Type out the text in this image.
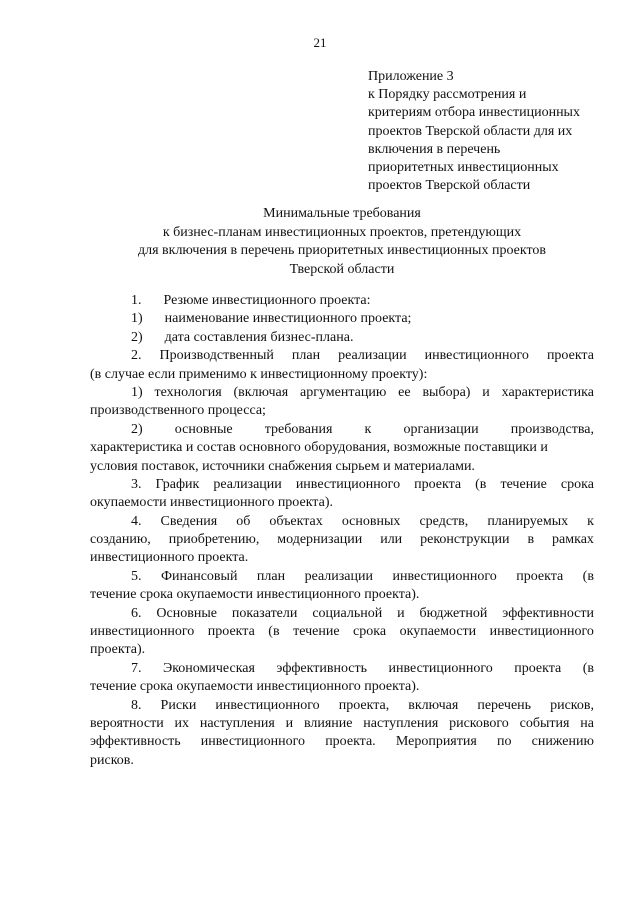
21
Приложение 3
к Порядку рассмотрения и
критериям отбора инвестиционных
проектов Тверской области для их
включения в перечень
приоритетных инвестиционных
проектов Тверской области
Минимальные требования
к бизнес-планам инвестиционных проектов, претендующих
для включения в перечень приоритетных инвестиционных проектов
Тверской области
1. Резюме инвестиционного проекта:
1) наименование инвестиционного проекта;
2) дата составления бизнес-плана.
2. Производственный план реализации инвестиционного проекта
(в случае если применимо к инвестиционному проекту):
1) технология (включая аргументацию ее выбора) и характеристика
производственного процесса;
2) основные требования к организации производства,
характеристика и состав основного оборудования, возможные поставщики и
условия поставок, источники снабжения сырьем и материалами.
3. График реализации инвестиционного проекта (в течение срока
окупаемости инвестиционного проекта).
4. Сведения об объектах основных средств, планируемых к
созданию, приобретению, модернизации или реконструкции в рамках
инвестиционного проекта.
5. Финансовый план реализации инвестиционного проекта (в
течение срока окупаемости инвестиционного проекта).
6. Основные показатели социальной и бюджетной эффективности
инвестиционного проекта (в течение срока окупаемости инвестиционного
проекта).
7. Экономическая эффективность инвестиционного проекта (в
течение срока окупаемости инвестиционного проекта).
8. Риски инвестиционного проекта, включая перечень рисков,
вероятности их наступления и влияние наступления рискового события на
эффективность инвестиционного проекта. Мероприятия по снижению
рисков.
